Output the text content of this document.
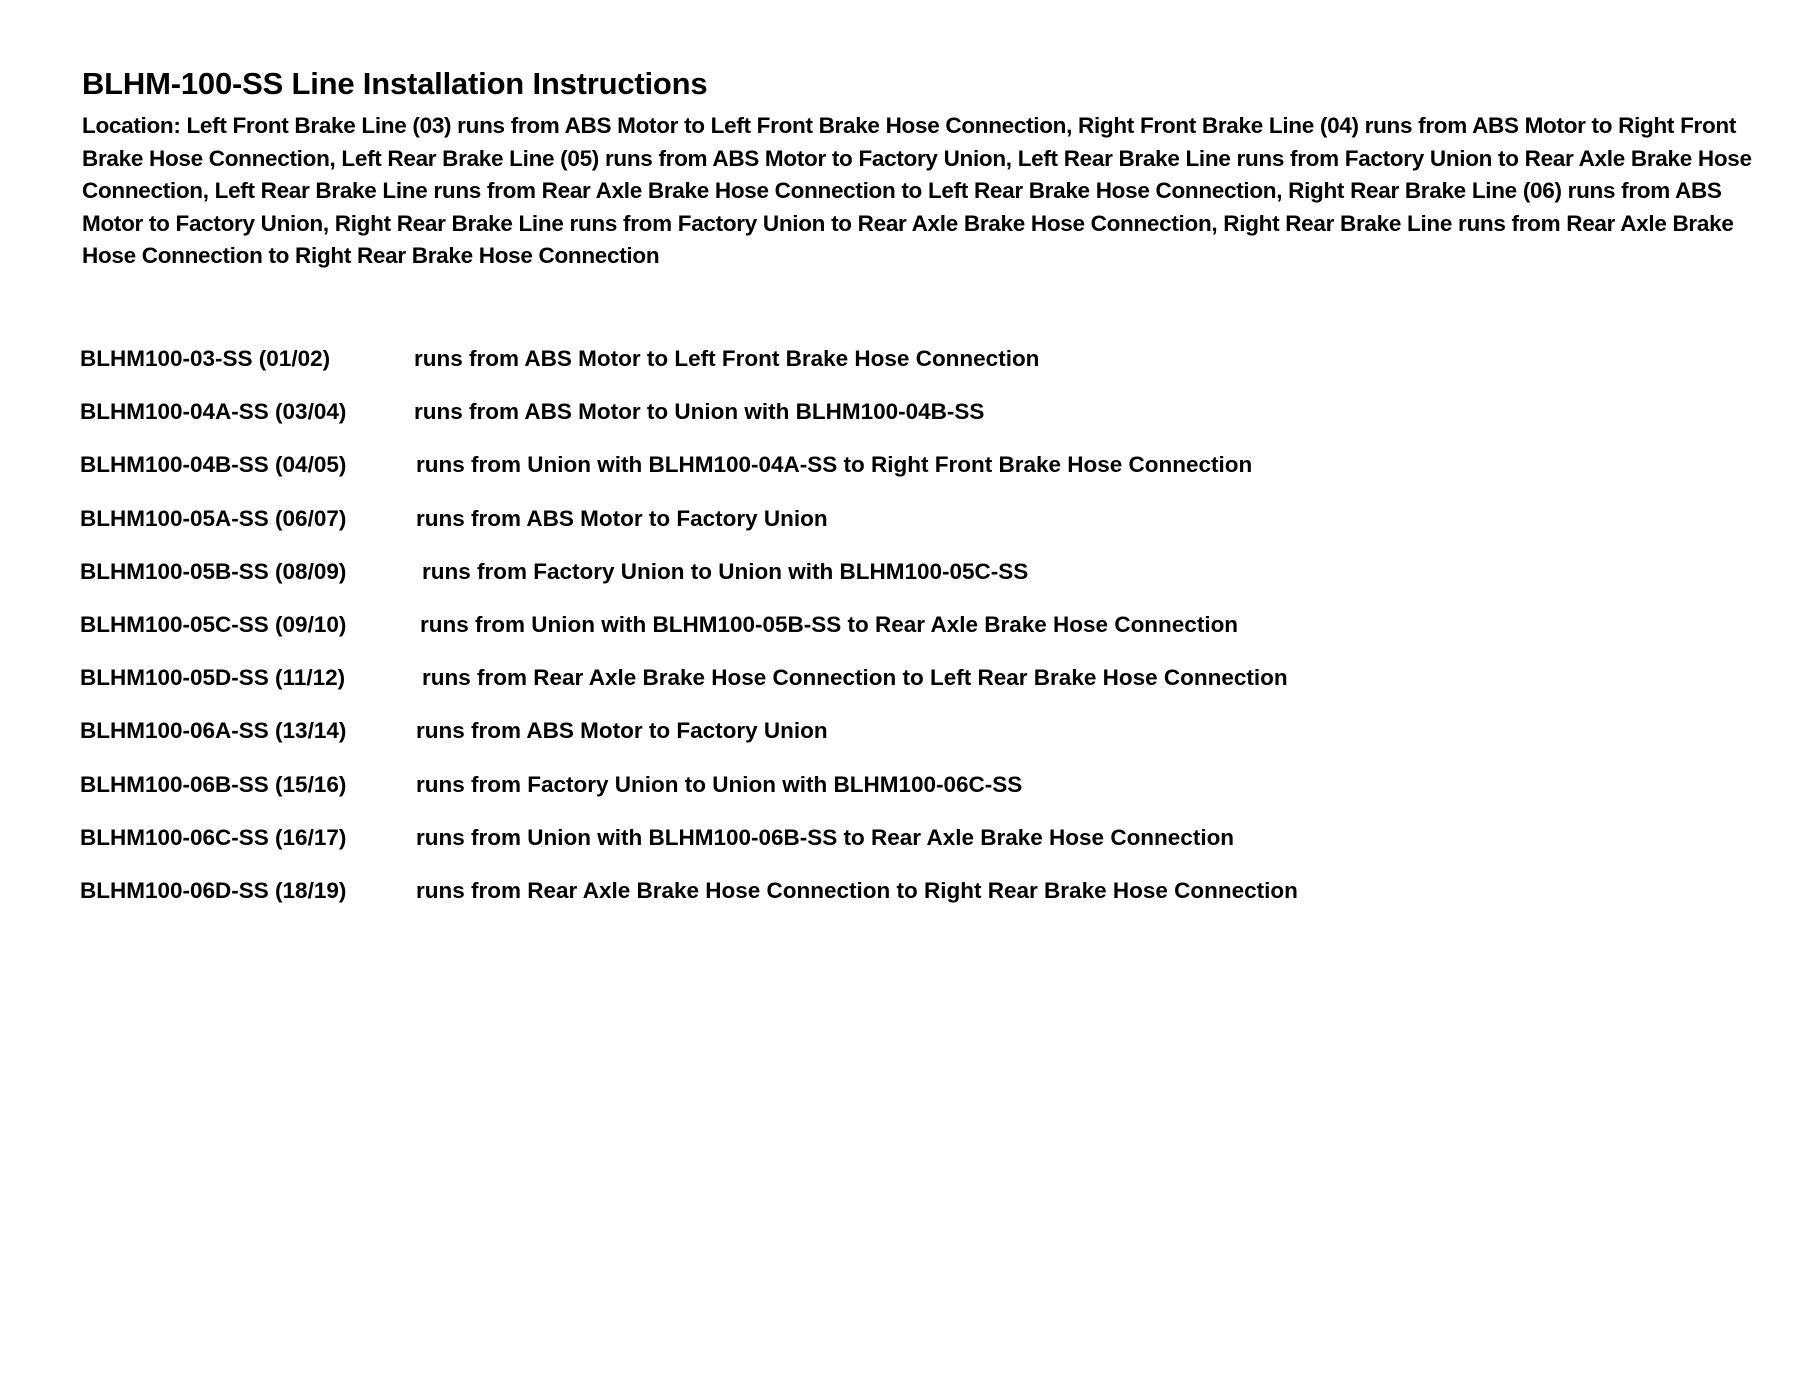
BLHM-100-SS Line Installation Instructions

Location: Left Front Brake Line (03) runs from ABS Motor to Left Front Brake Hose Connection, Right Front Brake Line (04) runs from ABS Motor to Right Front Brake Hose Connection, Left Rear Brake Line (05) runs from ABS Motor to Factory Union, Left Rear Brake Line runs from Factory Union to Rear Axle Brake Hose Connection, Left Rear Brake Line runs from Rear Axle Brake Hose Connection to Left Rear Brake Hose Connection, Right Rear Brake Line (06) runs from ABS Motor to Factory Union, Right Rear Brake Line runs from Factory Union to Rear Axle Brake Hose Connection, Right Rear Brake Line runs from Rear Axle Brake Hose Connection to Right Rear Brake Hose Connection

BLHM100-03-SS (01/02)	runs from ABS Motor to Left Front Brake Hose Connection
BLHM100-04A-SS (03/04)	runs from ABS Motor to Union with BLHM100-04B-SS
BLHM100-04B-SS (04/05)	runs from Union with BLHM100-04A-SS to Right Front Brake Hose Connection
BLHM100-05A-SS (06/07)	runs from ABS Motor to Factory Union
BLHM100-05B-SS (08/09)	runs from Factory Union to Union with BLHM100-05C-SS
BLHM100-05C-SS (09/10)	runs from Union with BLHM100-05B-SS to Rear Axle Brake Hose Connection
BLHM100-05D-SS (11/12)	runs from Rear Axle Brake Hose Connection to Left Rear Brake Hose Connection
BLHM100-06A-SS (13/14)	runs from ABS Motor to Factory Union
BLHM100-06B-SS (15/16)	runs from Factory Union to Union with BLHM100-06C-SS
BLHM100-06C-SS (16/17)	runs from Union with BLHM100-06B-SS to Rear Axle Brake Hose Connection
BLHM100-06D-SS (18/19)	runs from Rear Axle Brake Hose Connection to Right Rear Brake Hose Connection
